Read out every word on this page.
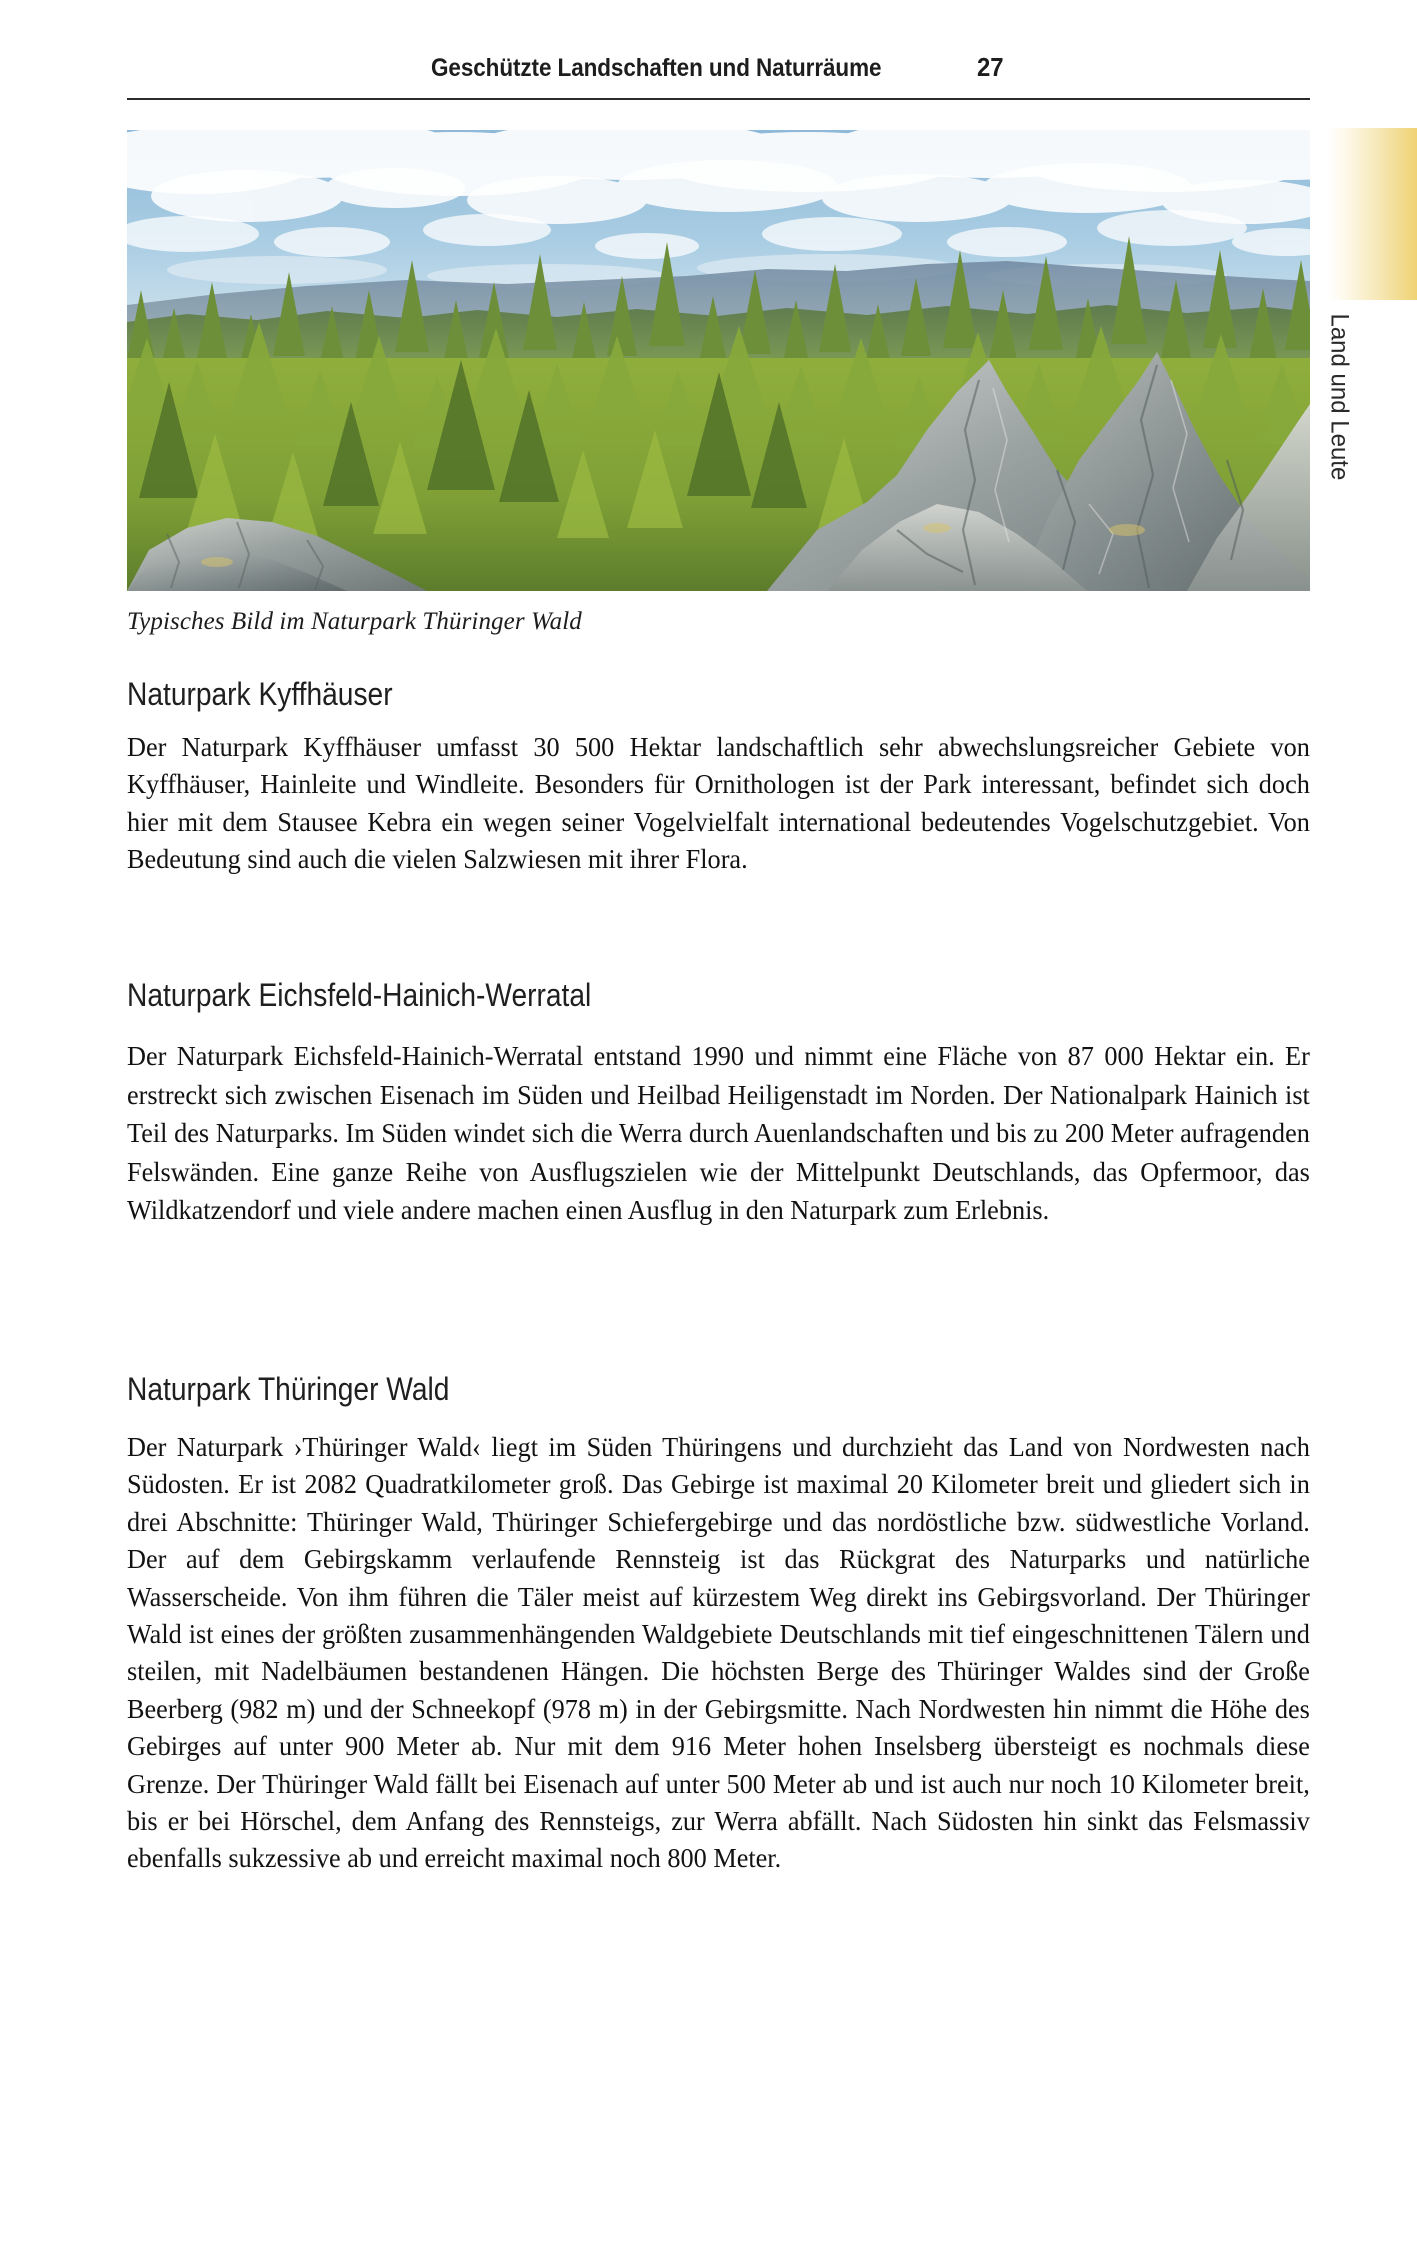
Geschützte Landschaften und Naturräume	27
Land und Leute
Typisches Bild im Naturpark Thüringer Wald
Naturpark Kyffhäuser

Der Naturpark Kyffhäuser umfasst 30 500 Hektar landschaftlich sehr abwechslungsreicher Gebiete von Kyffhäuser, Hainleite und Windleite. Besonders für Ornithologen ist der Park interessant, befindet sich doch hier mit dem Stausee Kebra ein wegen seiner Vogelvielfalt international bedeutendes Vogelschutzgebiet. Von Bedeutung sind auch die vielen Salzwiesen mit ihrer Flora.

Naturpark Eichsfeld-Hainich-Werratal

Der Naturpark Eichsfeld-Hainich-Werratal entstand 1990 und nimmt eine Fläche von 87 000 Hektar ein. Er erstreckt sich zwischen Eisenach im Süden und Heilbad Heiligenstadt im Norden. Der Nationalpark Hainich ist Teil des Naturparks. Im Süden windet sich die Werra durch Auenlandschaften und bis zu 200 Meter aufragenden Felswänden. Eine ganze Reihe von Ausflugszielen wie der Mittelpunkt Deutschlands, das Opfermoor, das Wildkatzendorf und viele andere machen einen Ausflug in den Naturpark zum Erlebnis.

Naturpark Thüringer Wald

Der Naturpark ›Thüringer Wald‹ liegt im Süden Thüringens und durchzieht das Land von Nordwesten nach Südosten. Er ist 2082 Quadratkilometer groß. Das Gebirge ist maximal 20 Kilometer breit und gliedert sich in drei Abschnitte: Thüringer Wald, Thüringer Schiefergebirge und das nordöstliche bzw. südwestliche Vorland. Der auf dem Gebirgskamm verlaufende Rennsteig ist das Rückgrat des Naturparks und natürliche Wasserscheide. Von ihm führen die Täler meist auf kürzestem Weg direkt ins Gebirgsvorland. Der Thüringer Wald ist eines der größten zusammenhängenden Waldgebiete Deutschlands mit tief eingeschnittenen Tälern und steilen, mit Nadelbäumen bestandenen Hängen. Die höchsten Berge des Thüringer Waldes sind der Große Beerberg (982 m) und der Schneekopf (978 m) in der Gebirgsmitte. Nach Nordwesten hin nimmt die Höhe des Gebirges auf unter 900 Meter ab. Nur mit dem 916 Meter hohen Inselsberg übersteigt es nochmals diese Grenze. Der Thüringer Wald fällt bei Eisenach auf unter 500 Meter ab und ist auch nur noch 10 Kilometer breit, bis er bei Hörschel, dem Anfang des Rennsteigs, zur Werra abfällt. Nach Südosten hin sinkt das Felsmassiv ebenfalls sukzessive ab und erreicht maximal noch 800 Meter.
